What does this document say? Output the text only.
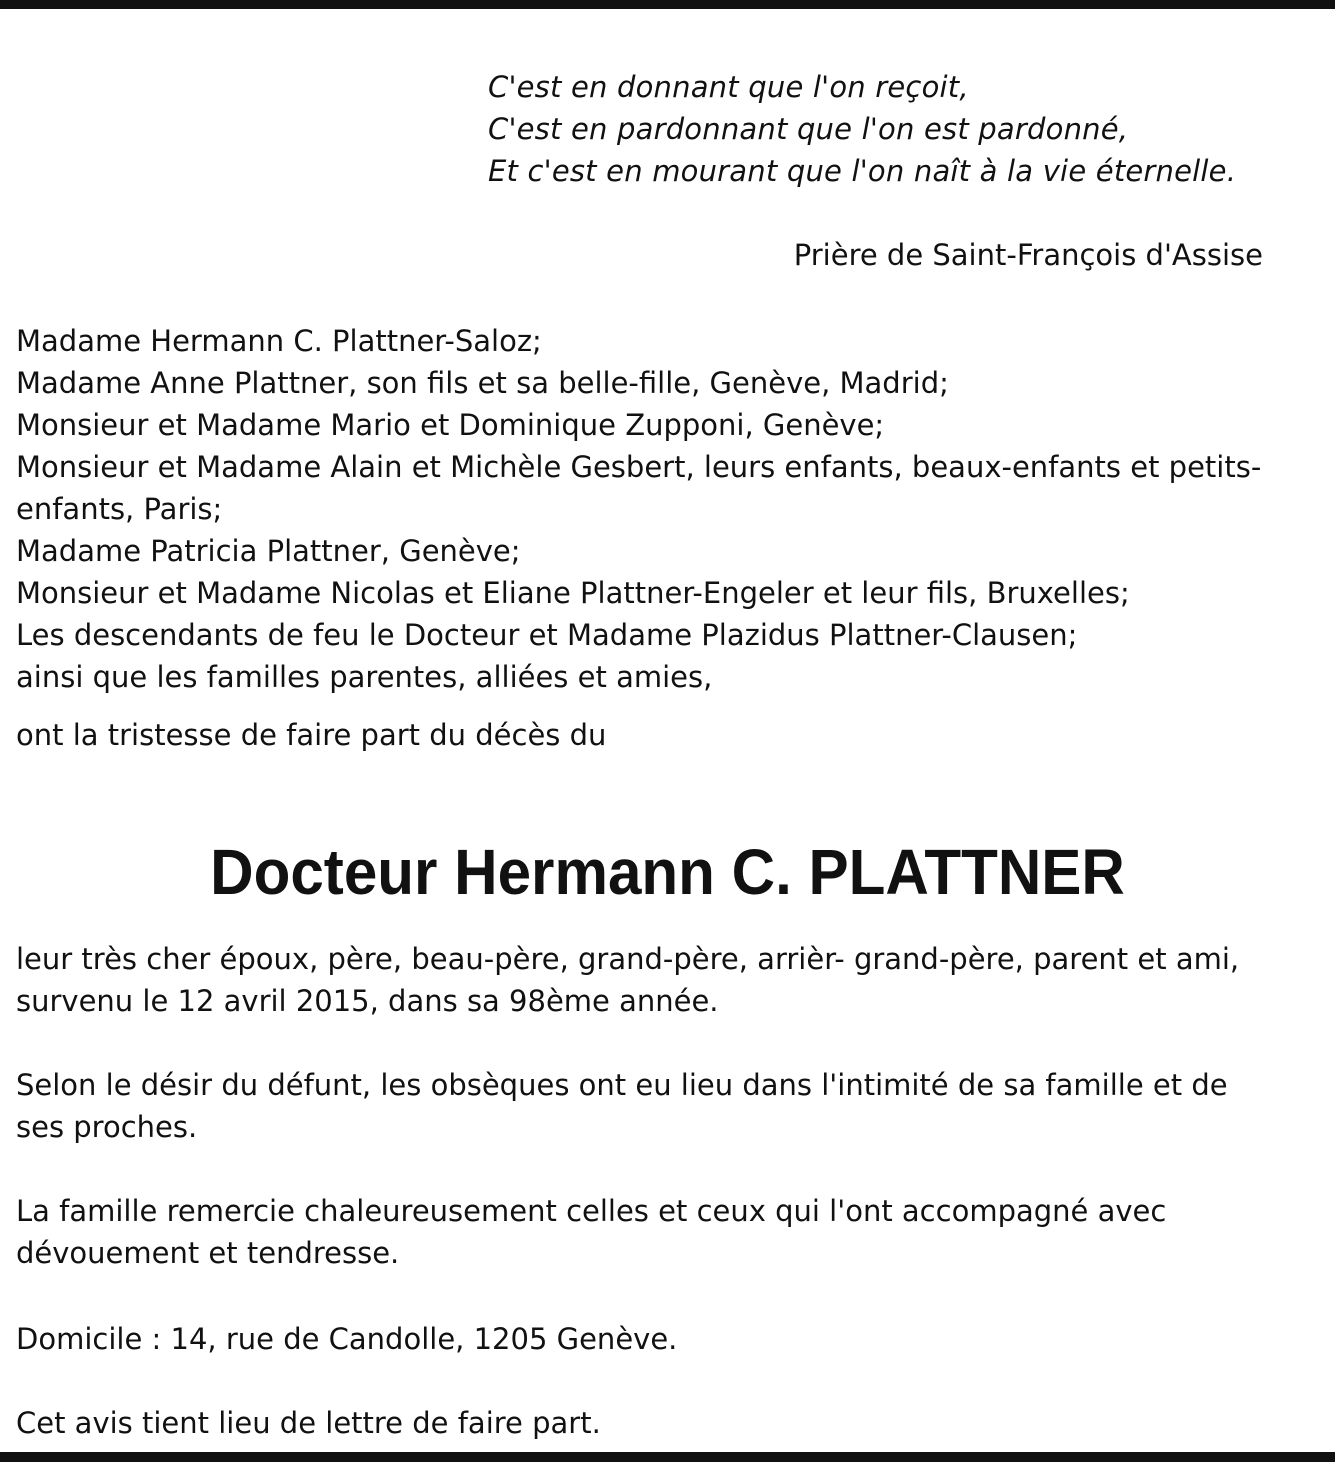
C'est en donnant que l'on reçoit,
C'est en pardonnant que l'on est pardonné,
Et c'est en mourant que l'on naît à la vie éternelle.
Prière de Saint-François d'Assise
Madame Hermann C. Plattner-Saloz;
Madame Anne Plattner, son fils et sa belle-fille, Genève, Madrid;
Monsieur et Madame Mario et Dominique Zupponi, Genève;
Monsieur et Madame Alain et Michèle Gesbert, leurs enfants, beaux-enfants et petits-
enfants, Paris;
Madame Patricia Plattner, Genève;
Monsieur et Madame Nicolas et Eliane Plattner-Engeler et leur fils, Bruxelles;
Les descendants de feu le Docteur et Madame Plazidus Plattner-Clausen;
ainsi que les familles parentes, alliées et amies,
ont la tristesse de faire part du décès du
Docteur Hermann C. PLATTNER
leur très cher époux, père, beau-père, grand-père, arrièr- grand-père, parent et ami,
survenu le 12 avril 2015, dans sa 98ème année.
Selon le désir du défunt, les obsèques ont eu lieu dans l'intimité de sa famille et de
ses proches.
La famille remercie chaleureusement celles et ceux qui l'ont accompagné avec
dévouement et tendresse.
Domicile : 14, rue de Candolle, 1205 Genève.
Cet avis tient lieu de lettre de faire part.
